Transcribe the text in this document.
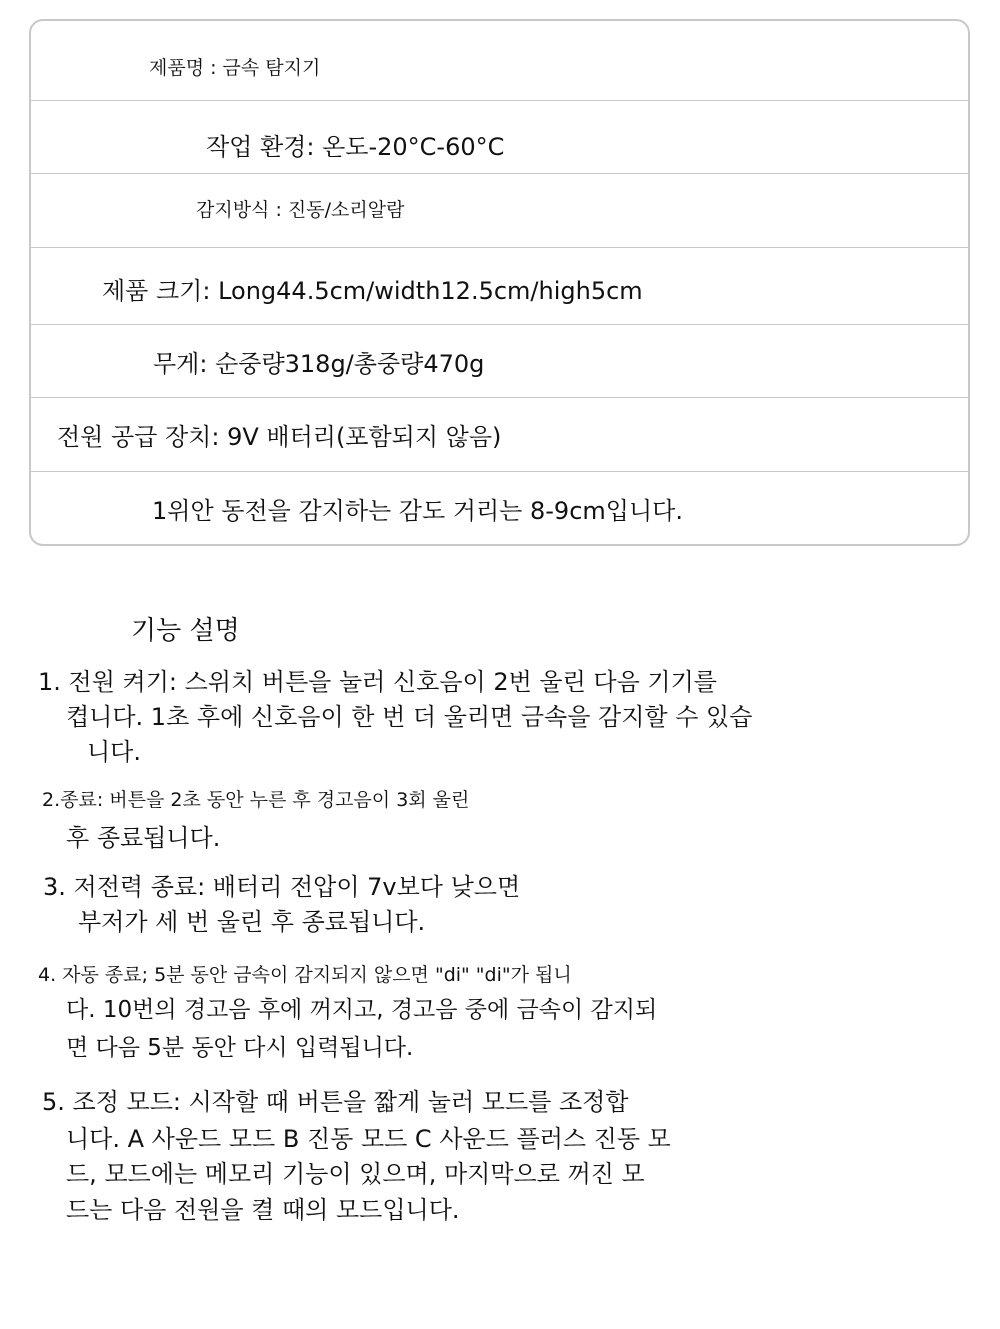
제품명 : 금속 탐지기
작업 환경: 온도-20°C-60°C
감지방식 : 진동/소리알람
제품 크기: Long44.5cm/width12.5cm/high5cm
무게: 순중량318g/총중량470g
전원 공급 장치: 9V 배터리(포함되지 않음)
1위안 동전을 감지하는 감도 거리는 8-9cm입니다.
기능 설명
1. 전원 켜기: 스위치 버튼을 눌러 신호음이 2번 울린 다음 기기를
켭니다. 1초 후에 신호음이 한 번 더 울리면 금속을 감지할 수 있습
니다.
2.종료: 버튼을 2초 동안 누른 후 경고음이 3회 울린
후 종료됩니다.
3. 저전력 종료: 배터리 전압이 7v보다 낮으면
부저가 세 번 울린 후 종료됩니다.
4. 자동 종료; 5분 동안 금속이 감지되지 않으면 "di" "di"가 됩니
다. 10번의 경고음 후에 꺼지고, 경고음 중에 금속이 감지되
면 다음 5분 동안 다시 입력됩니다.
5. 조정 모드: 시작할 때 버튼을 짧게 눌러 모드를 조정합
니다. A 사운드 모드 B 진동 모드 C 사운드 플러스 진동 모
드, 모드에는 메모리 기능이 있으며, 마지막으로 꺼진 모
드는 다음 전원을 켤 때의 모드입니다.
